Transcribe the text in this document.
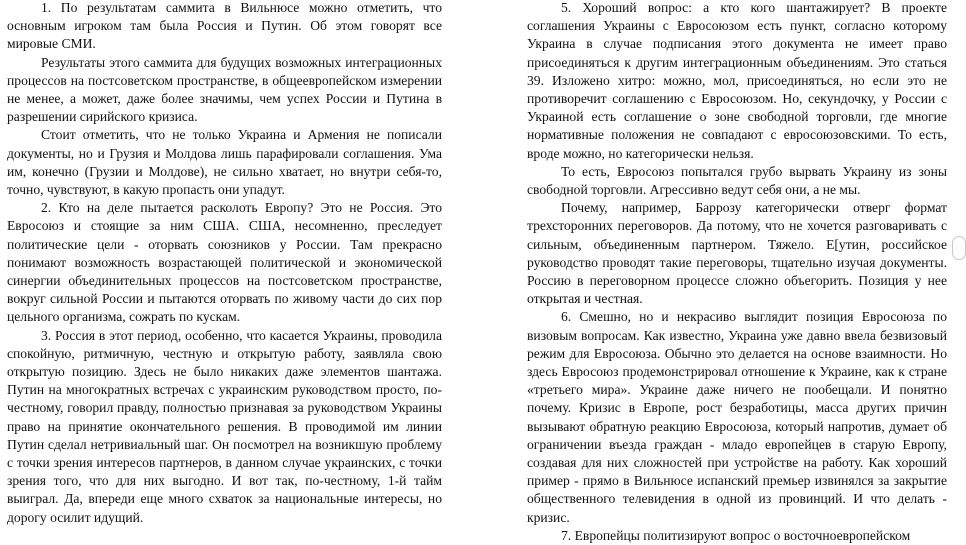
1. По результатам саммита в Вильнюсе можно отметить, что основным игроком там была Россия и Путин. Об этом говорят все мировые СМИ.

Результаты этого саммита для будущих возможных интеграционных процессов на постсоветском пространстве, в общеевропейском измерении не менее, а может, даже более значимы, чем успех России и Путина в разрешении сирийского кризиса.

Стоит отметить, что не только Украина и Армения не пописали документы, но и Грузия и Молдова лишь парафировали соглашения. Ума им, конечно (Грузии и Молдове), не сильно хватает, но внутри себя-то, точно, чувствуют, в какую пропасть они упадут.

2. Кто на деле пытается расколоть Европу? Это не Россия. Это Евросоюз и стоящие за ним США. США, несомненно, преследует политические цели - оторвать союзников у России. Там прекрасно понимают возможность возрастающей политической и экономической синергии объединительных процессов на постсоветском пространстве, вокруг сильной России и пытаются оторвать по живому части до сих пор цельного организма, сожрать по кускам.

3. Россия в этот период, особенно, что касается Украины, проводила спокойную, ритмичную, честную и открытую работу, заявляла свою открытую позицию. Здесь не было никаких даже элементов шантажа. Путин на многократных встречах с украинским руководством просто, по-честному, говорил правду, полностью признавая за руководством Украины право на принятие окончательного решения. В проводимой им линии Путин сделал нетривиальный шаг. Он посмотрел на возникшую проблему с точки зрения интересов партнеров, в данном случае украинских, с точки зрения того, что для них выгодно. И вот так, по-честному, 1-й тайм выиграл. Да, впереди еще много схваток за национальные интересы, но дорогу осилит идущий.

5. Хороший вопрос: а кто кого шантажирует? В проекте соглашения Украины с Евросоюзом есть пункт, согласно которому Украина в случае подписания этого документа не имеет право присоединяться к другим интеграционным объединениям. Это статься 39. Изложено хитро: можно, мол, присоединяться, но если это не противоречит соглашению с Евросоюзом. Но, секундочку, у России с Украиной есть соглашение о зоне свободной торговли, где многие нормативные положения не совпадают с евросоюзовскими. То есть, вроде можно, но категорически нельзя.

То есть, Евросоюз попытался грубо вырвать Украину из зоны свободной торговли. Агрессивно ведут себя они, а не мы.

Почему, например, Баррозу категорически отверг формат трехсторонних переговоров. Да потому, что не хочется разговаривать с сильным, объединенным партнером. Тяжело. Е[утин, российское руководство проводят такие переговоры, тщательно изучая документы. Россию в переговорном процессе сложно объегорить. Позиция у нее открытая и честная.

6. Смешно, но и некрасиво выглядит позиция Евросоюза по визовым вопросам. Как известно, Украина уже давно ввела безвизовый режим для Евросоюза. Обычно это делается на основе взаимности. Но здесь Евросоюз продемонстрировал отношение к Украине, как к стране «третьего мира». Украине даже ничего не пообещали. И понятно почему. Кризис в Европе, рост безработицы, масса других причин вызывают обратную реакцию Евросоюза, который напротив, думает об ограничении въезда граждан - младо европейцев в старую Европу, создавая для них сложностей при устройстве на работу. Как хороший пример - прямо в Вильнюсе испанский премьер извинялся за закрытие общественного телевидения в одной из провинций. И что делать - кризис.

7. Европейцы политизируют вопрос о восточноевропейском
